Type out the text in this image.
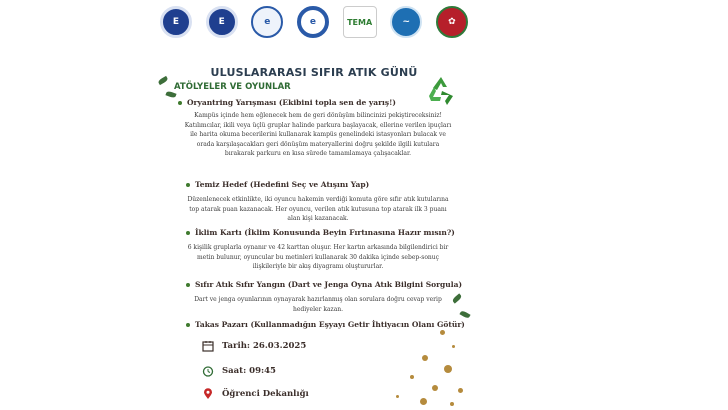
E	E	e	e	TEMA	~	✿
ULUSLARARASI SIFIR ATIK GÜNÜ
ATÖLYELER VE OYUNLAR
Oryantring Yarışması (Ekibini topla sen de yarış!)
Kampüs içinde hem eğlenecek hem de geri dönüşüm bilincinizi pekiştireceksiniz! Katılımcılar, ikili veya üçlü gruplar halinde parkura başlayacak, ellerine verilen ipuçları ile harita okuma becerilerini kullanarak kampüs genelindeki istasyonları bulacak ve orada karşılaşacakları geri dönüşüm materyallerini doğru şekilde ilgili kutulara bırakarak parkuru en kısa sürede tamamlamaya çalışacaklar.
Temiz Hedef (Hedefini Seç ve Atışını Yap)
Düzenlenecek etkinlikte, iki oyuncu hakemin verdiği komuta göre sıfır atık kutularına top atarak puan kazanacak. Her oyuncu, verilen atık kutusuna top atarak ilk 3 puanı alan kişi kazanacak.
İklim Kartı (İklim Konusunda Beyin Fırtınasına Hazır mısın?)
6 kişilik gruplarla oynanır ve 42 karttan oluşur. Her kartın arkasında bilgilendirici bir metin bulunur, oyuncular bu metinleri kullanarak 30 dakika içinde sebep-sonuç ilişkileriyle bir akış diyagramı oluştururlar.
Sıfır Atık Sıfır Yangın (Dart ve Jenga Oyna Atık Bilgini Sorgula)
Dart ve jenga oyunlarının oynayarak hazırlanmış olan sorulara doğru cevap verip hediyeler kazan.
Takas Pazarı (Kullanmadığın Eşyayı Getir İhtiyacın Olanı Götür)
Tarih: 26.03.2025
Saat: 09:45
Öğrenci Dekanlığı
